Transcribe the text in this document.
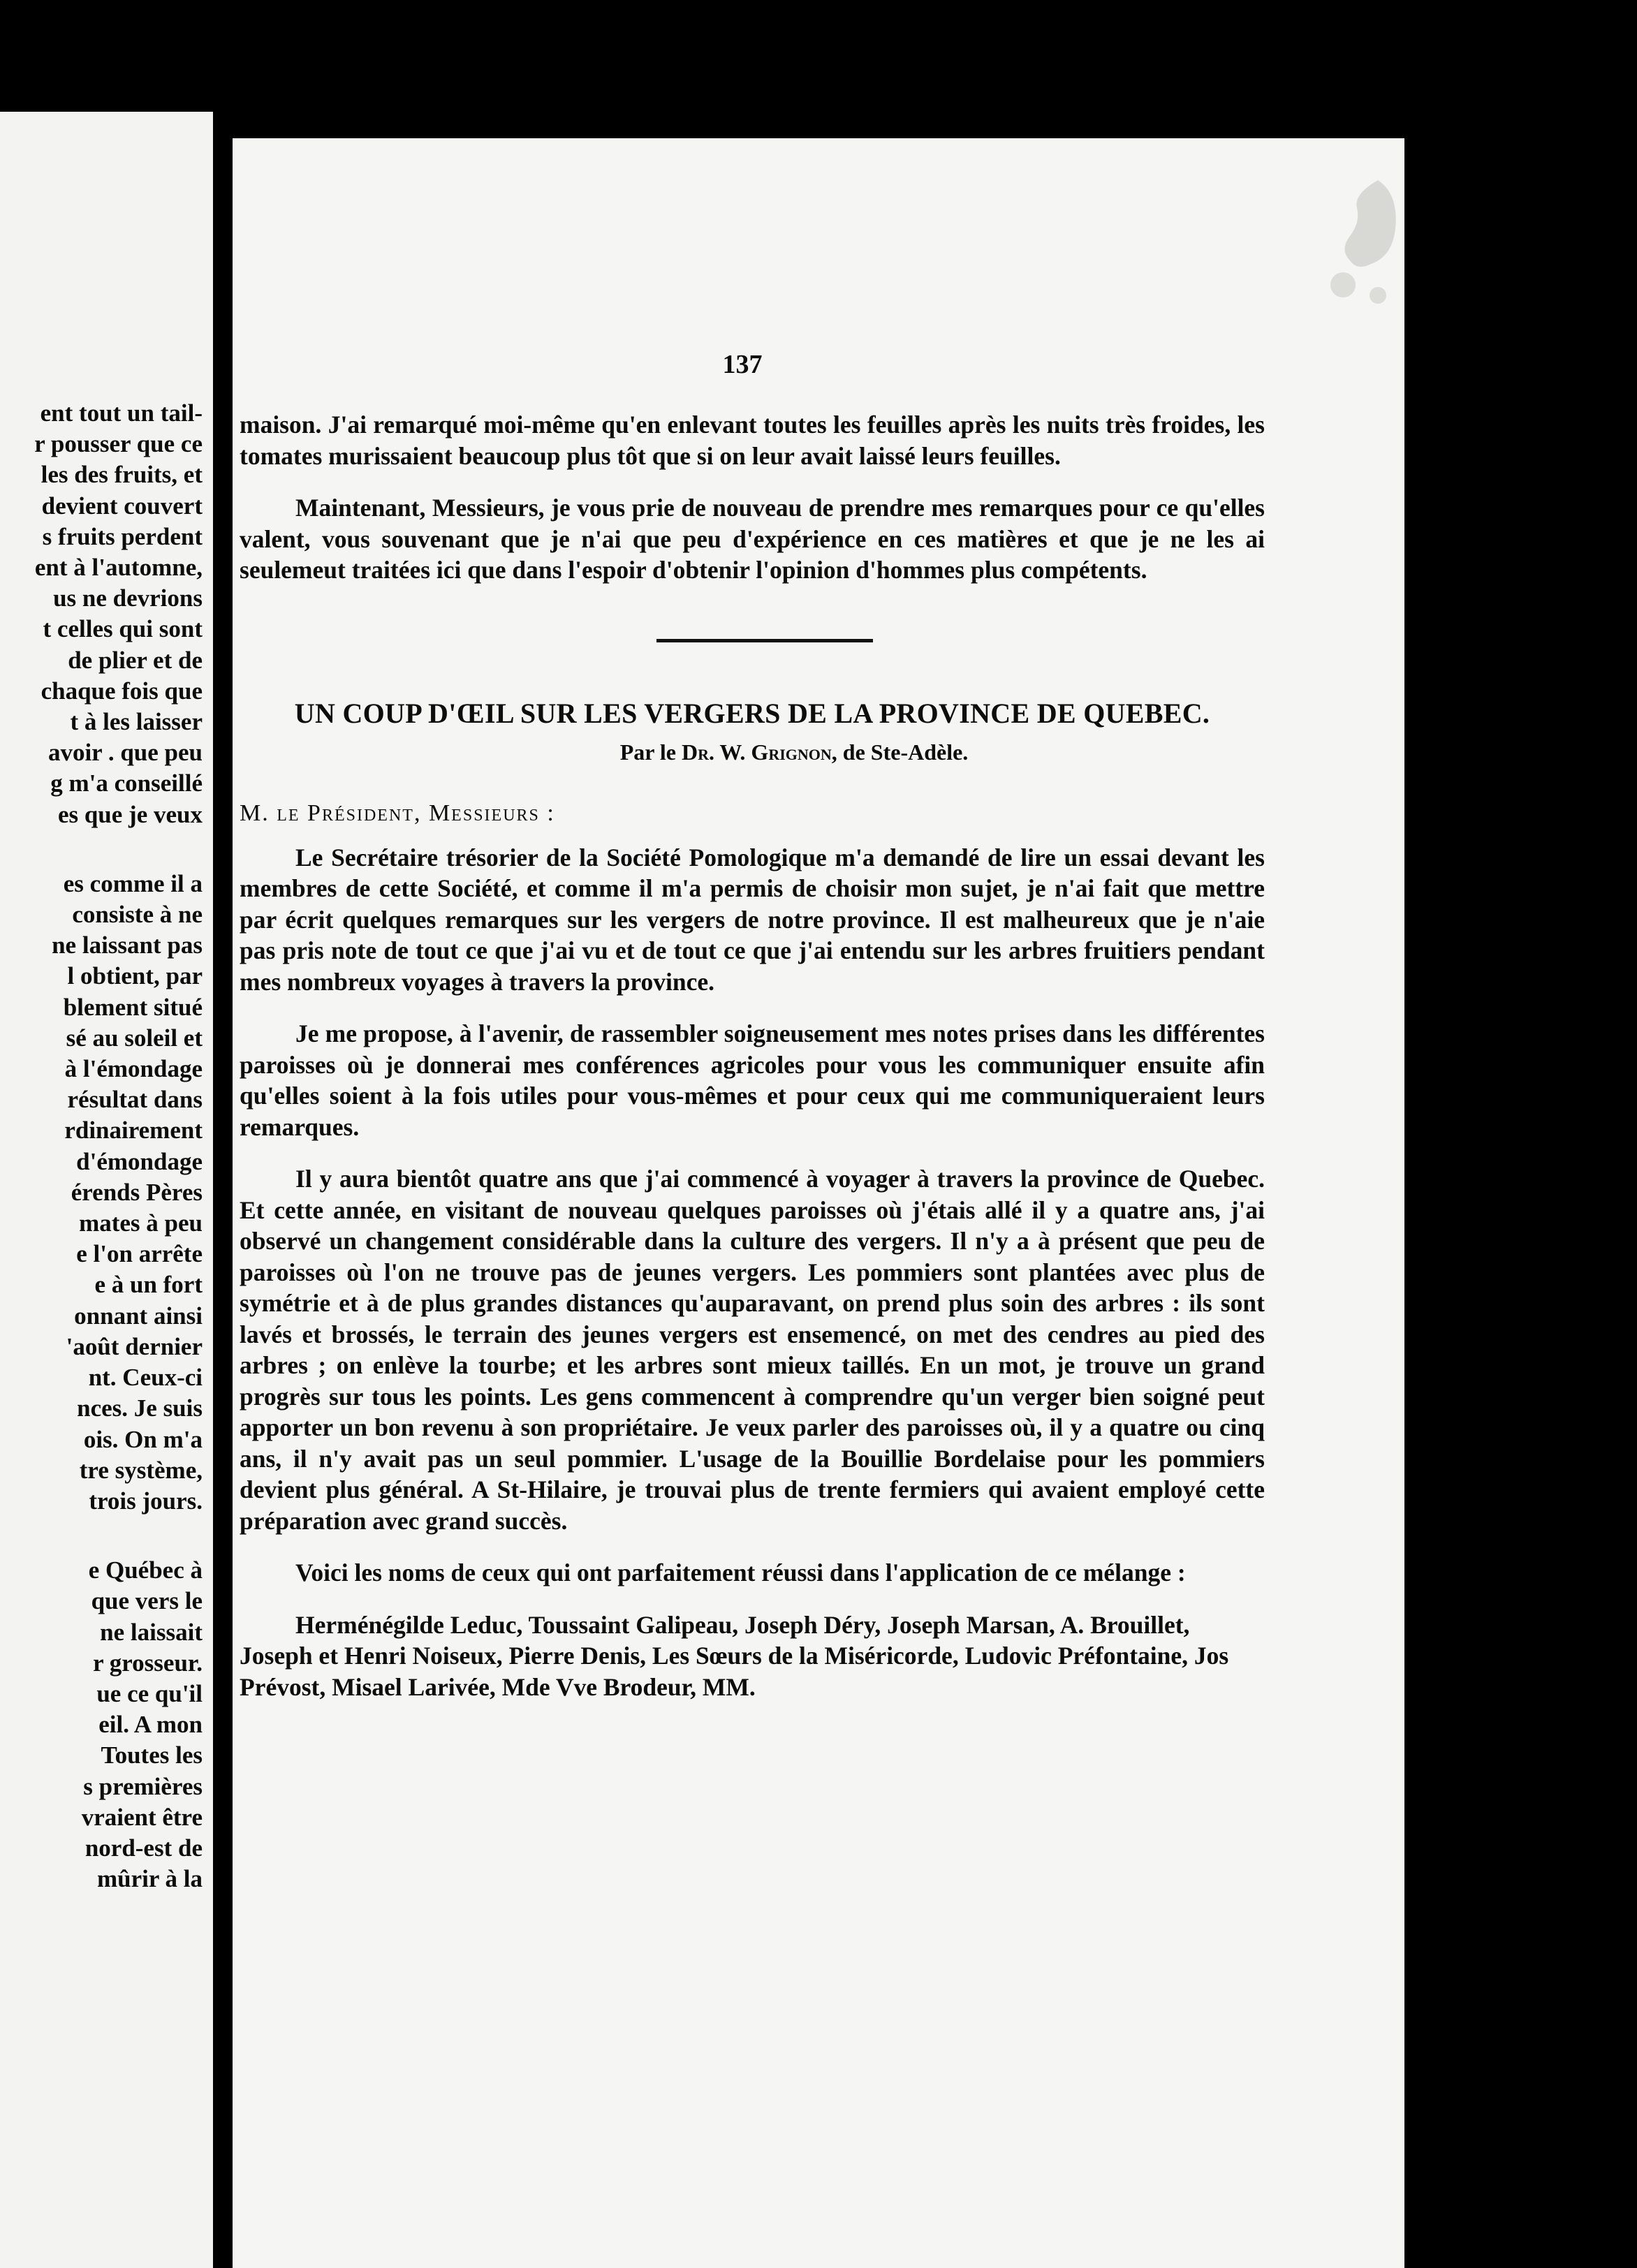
ent tout un tail-
r pousser que ce
les des fruits, et
devient couvert
s fruits perdent
ent à l'automne,
us ne devrions
t celles qui sont
de plier et de
chaque fois que
t à les laisser
avoir . que peu
g m'a conseillé
es que je veux
es comme il a
consiste à ne
ne laissant pas
l obtient, par
blement situé
sé au soleil et
à l'émondage
résultat dans
rdinairement
d'émondage
érends Pères
mates à peu
e l'on arrête
e à un fort
onnant ainsi
'août dernier
nt. Ceux-ci
nces. Je suis
ois. On m'a
tre système,
trois jours.
e Québec à
que vers le
ne laissait
r grosseur.
ue ce qu'il
eil. A mon
Toutes les
s premières
vraient être
nord-est de
mûrir à la
137

maison. J'ai remarqué moi-même qu'en enlevant toutes les feuilles après les nuits très froides, les tomates murissaient beaucoup plus tôt que si on leur avait laissé leurs feuilles.

Maintenant, Messieurs, je vous prie de nouveau de prendre mes remarques pour ce qu'elles valent, vous souvenant que je n'ai que peu d'expérience en ces matières et que je ne les ai seulemeut traitées ici que dans l'espoir d'obtenir l'opinion d'hommes plus compétents.

UN COUP D'ŒIL SUR LES VERGERS DE LA PROVINCE DE QUEBEC.
Par le Dr. W. Grignon, de Ste-Adèle.
M. le Président, Messieurs :

Le Secrétaire trésorier de la Société Pomologique m'a demandé de lire un essai devant les membres de cette Société, et comme il m'a permis de choisir mon sujet, je n'ai fait que mettre par écrit quelques remarques sur les vergers de notre province. Il est malheureux que je n'aie pas pris note de tout ce que j'ai vu et de tout ce que j'ai entendu sur les arbres fruitiers pendant mes nombreux voyages à travers la province.

Je me propose, à l'avenir, de rassembler soigneusement mes notes prises dans les différentes paroisses où je donnerai mes conférences agricoles pour vous les communiquer ensuite afin qu'elles soient à la fois utiles pour vous-mêmes et pour ceux qui me communiqueraient leurs remarques.

Il y aura bientôt quatre ans que j'ai commencé à voyager à travers la province de Quebec. Et cette année, en visitant de nouveau quelques paroisses où j'étais allé il y a quatre ans, j'ai observé un changement considérable dans la culture des vergers. Il n'y a à présent que peu de paroisses où l'on ne trouve pas de jeunes vergers. Les pommiers sont plantées avec plus de symétrie et à de plus grandes distances qu'auparavant, on prend plus soin des arbres : ils sont lavés et brossés, le terrain des jeunes vergers est ensemencé, on met des cendres au pied des arbres ; on enlève la tourbe; et les arbres sont mieux taillés. En un mot, je trouve un grand progrès sur tous les points. Les gens commencent à comprendre qu'un verger bien soigné peut apporter un bon revenu à son propriétaire. Je veux parler des paroisses où, il y a quatre ou cinq ans, il n'y avait pas un seul pommier. L'usage de la Bouillie Bordelaise pour les pommiers devient plus général. A St-Hilaire, je trouvai plus de trente fermiers qui avaient employé cette préparation avec grand succès.

Voici les noms de ceux qui ont parfaitement réussi dans l'application de ce mélange :

Herménégilde Leduc, Toussaint Galipeau, Joseph Déry, Joseph Marsan, A. Brouillet, Joseph et Henri Noiseux, Pierre Denis, Les Sœurs de la Miséricorde, Ludovic Préfontaine, Jos Prévost, Misael Larivée, Mde Vve Brodeur, MM.
